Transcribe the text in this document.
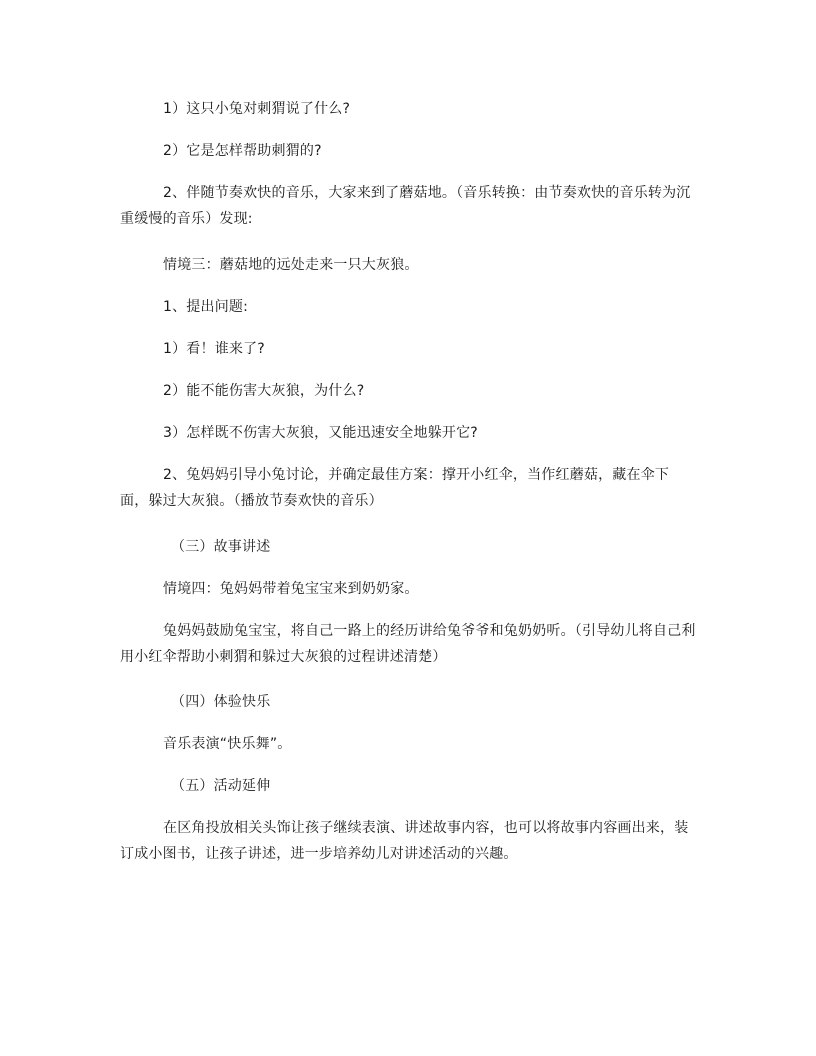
1）这只小兔对刺猬说了什么?

2）它是怎样帮助刺猬的?

2、伴随节奏欢快的音乐，大家来到了蘑菇地。（音乐转换：由节奏欢快的音乐转为沉重缓慢的音乐）发现:

情境三：蘑菇地的远处走来一只大灰狼。

1、提出问题:

1）看！谁来了?

2）能不能伤害大灰狼，为什么?

3）怎样既不伤害大灰狼，又能迅速安全地躲开它?

2、兔妈妈引导小兔讨论，并确定最佳方案：撑开小红伞，当作红蘑菇，藏在伞下面，躲过大灰狼。（播放节奏欢快的音乐）

（三）故事讲述

情境四：兔妈妈带着兔宝宝来到奶奶家。

兔妈妈鼓励兔宝宝，将自己一路上的经历讲给兔爷爷和兔奶奶听。（引导幼儿将自己利用小红伞帮助小刺猬和躲过大灰狼的过程讲述清楚）

（四）体验快乐

音乐表演“快乐舞”。

（五）活动延伸

在区角投放相关头饰让孩子继续表演、讲述故事内容，也可以将故事内容画出来，装订成小图书，让孩子讲述，进一步培养幼儿对讲述活动的兴趣。
